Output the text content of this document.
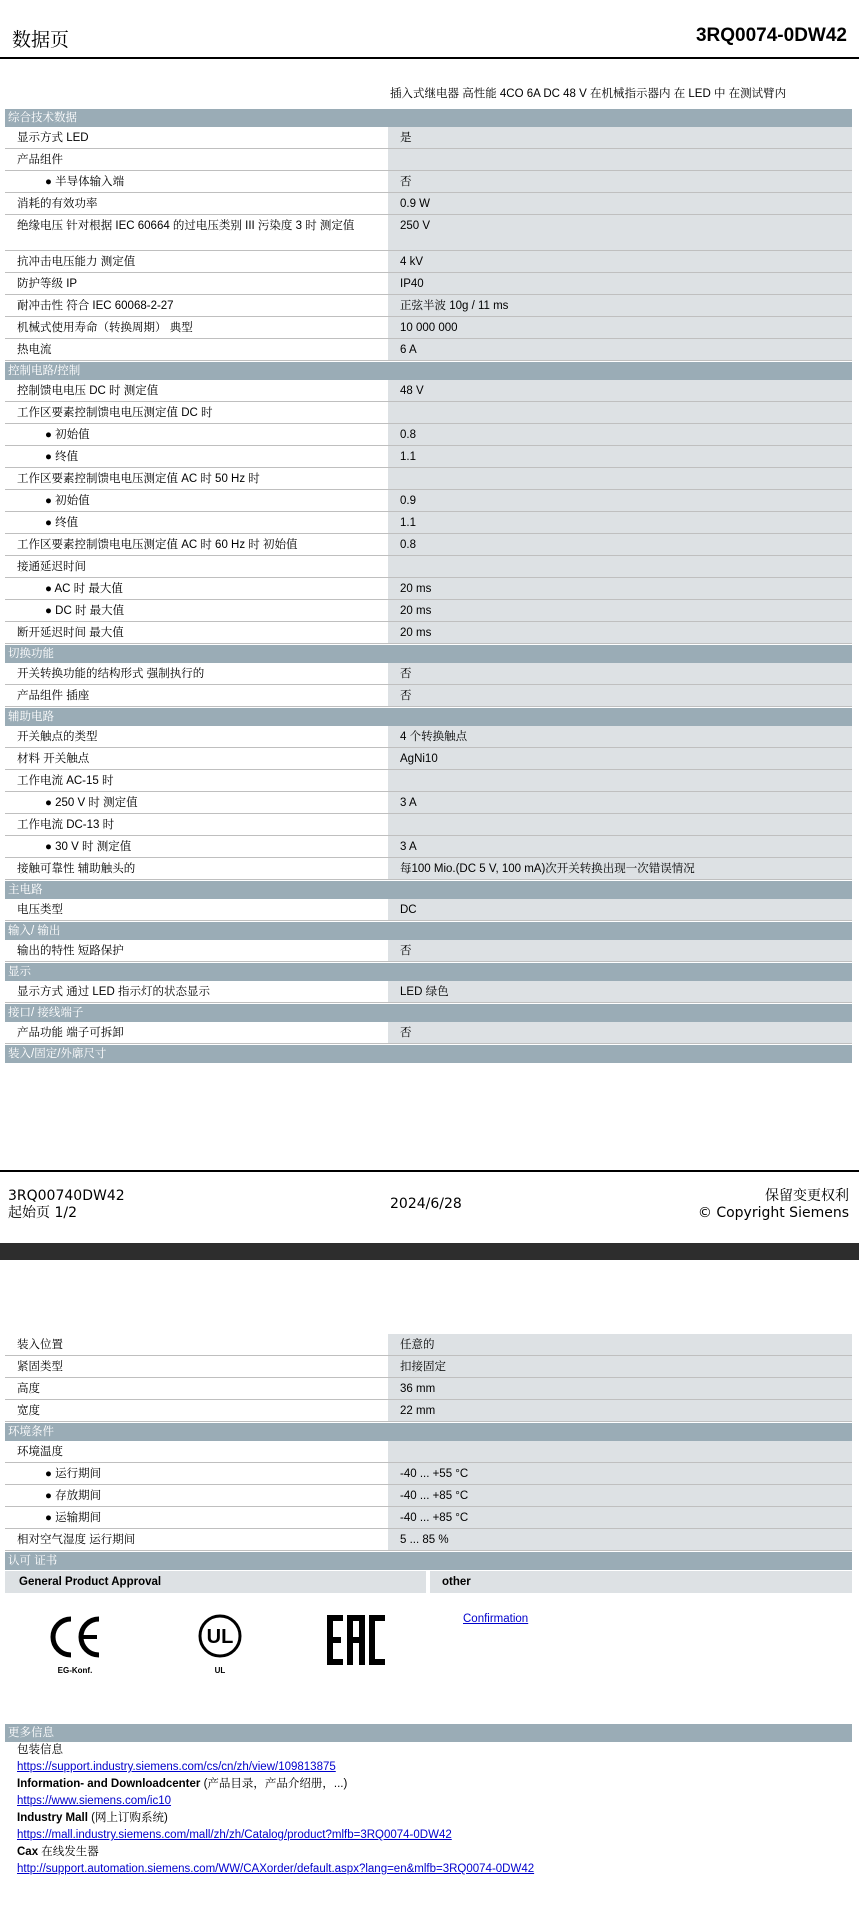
数据页	3RQ0074-0DW42
插入式继电器 高性能 4CO 6A DC 48 V 在机械指示器内 在 LED 中 在测试臂内
综合技术数据
显示方式 LED	是
产品组件
● 半导体输入端	否
消耗的有效功率	0.9 W
绝缘电压 针对根据 IEC 60664 的过电压类别 III 污染度 3 时 测定值	250 V
抗冲击电压能力 测定值	4 kV
防护等级 IP	IP40
耐冲击性 符合 IEC 60068-2-27	正弦半波 10g / 11 ms
机械式使用寿命（转换周期） 典型	10 000 000
热电流	6 A
控制电路/控制
控制馈电电压 DC 时 测定值	48 V
工作区要素控制馈电电压测定值 DC 时
● 初始值	0.8
● 终值	1.1
工作区要素控制馈电电压测定值 AC 时 50 Hz 时
● 初始值	0.9
● 终值	1.1
工作区要素控制馈电电压测定值 AC 时 60 Hz 时 初始值	0.8
接通延迟时间
● AC 时 最大值	20 ms
● DC 时 最大值	20 ms
断开延迟时间 最大值	20 ms
切换功能
开关转换功能的结构形式 强制执行的	否
产品组件 插座	否
辅助电路
开关触点的类型	4 个转换触点
材料 开关触点	AgNi10
工作电流 AC-15 时
● 250 V 时 测定值	3 A
工作电流 DC-13 时
● 30 V 时 测定值	3 A
接触可靠性 辅助触头的	每100 Mio.(DC 5 V, 100 mA)次开关转换出现一次错误情况
主电路
电压类型	DC
输入/ 输出
输出的特性 短路保护	否
显示
显示方式 通过 LED 指示灯的状态显示	LED 绿色
接口/ 接线端子
产品功能 端子可拆卸	否
装入/固定/外廓尺寸
3RQ00740DW42
起始页 1/2
2024/6/28	保留变更权利
© Copyright Siemens
装入位置	任意的
紧固类型	扣接固定
高度	36 mm
宽度	22 mm
环境条件
环境温度
● 运行期间	-40 ... +55 °C
● 存放期间	-40 ... +85 °C
● 运输期间	-40 ... +85 °C
相对空气湿度 运行期间	5 ... 85 %
认可 证书
General Product Approval	other
EG-Konf.
UL
UL
Confirmation
更多信息
包装信息
https://support.industry.siemens.com/cs/cn/zh/view/109813875
Information- and Downloadcenter (产品目录，产品介绍册，...)
https://www.siemens.com/ic10
Industry Mall (网上订购系统)
https://mall.industry.siemens.com/mall/zh/zh/Catalog/product?mlfb=3RQ0074-0DW42
Cax 在线发生器
http://support.automation.siemens.com/WW/CAXorder/default.aspx?lang=en&mlfb=3RQ0074-0DW42
